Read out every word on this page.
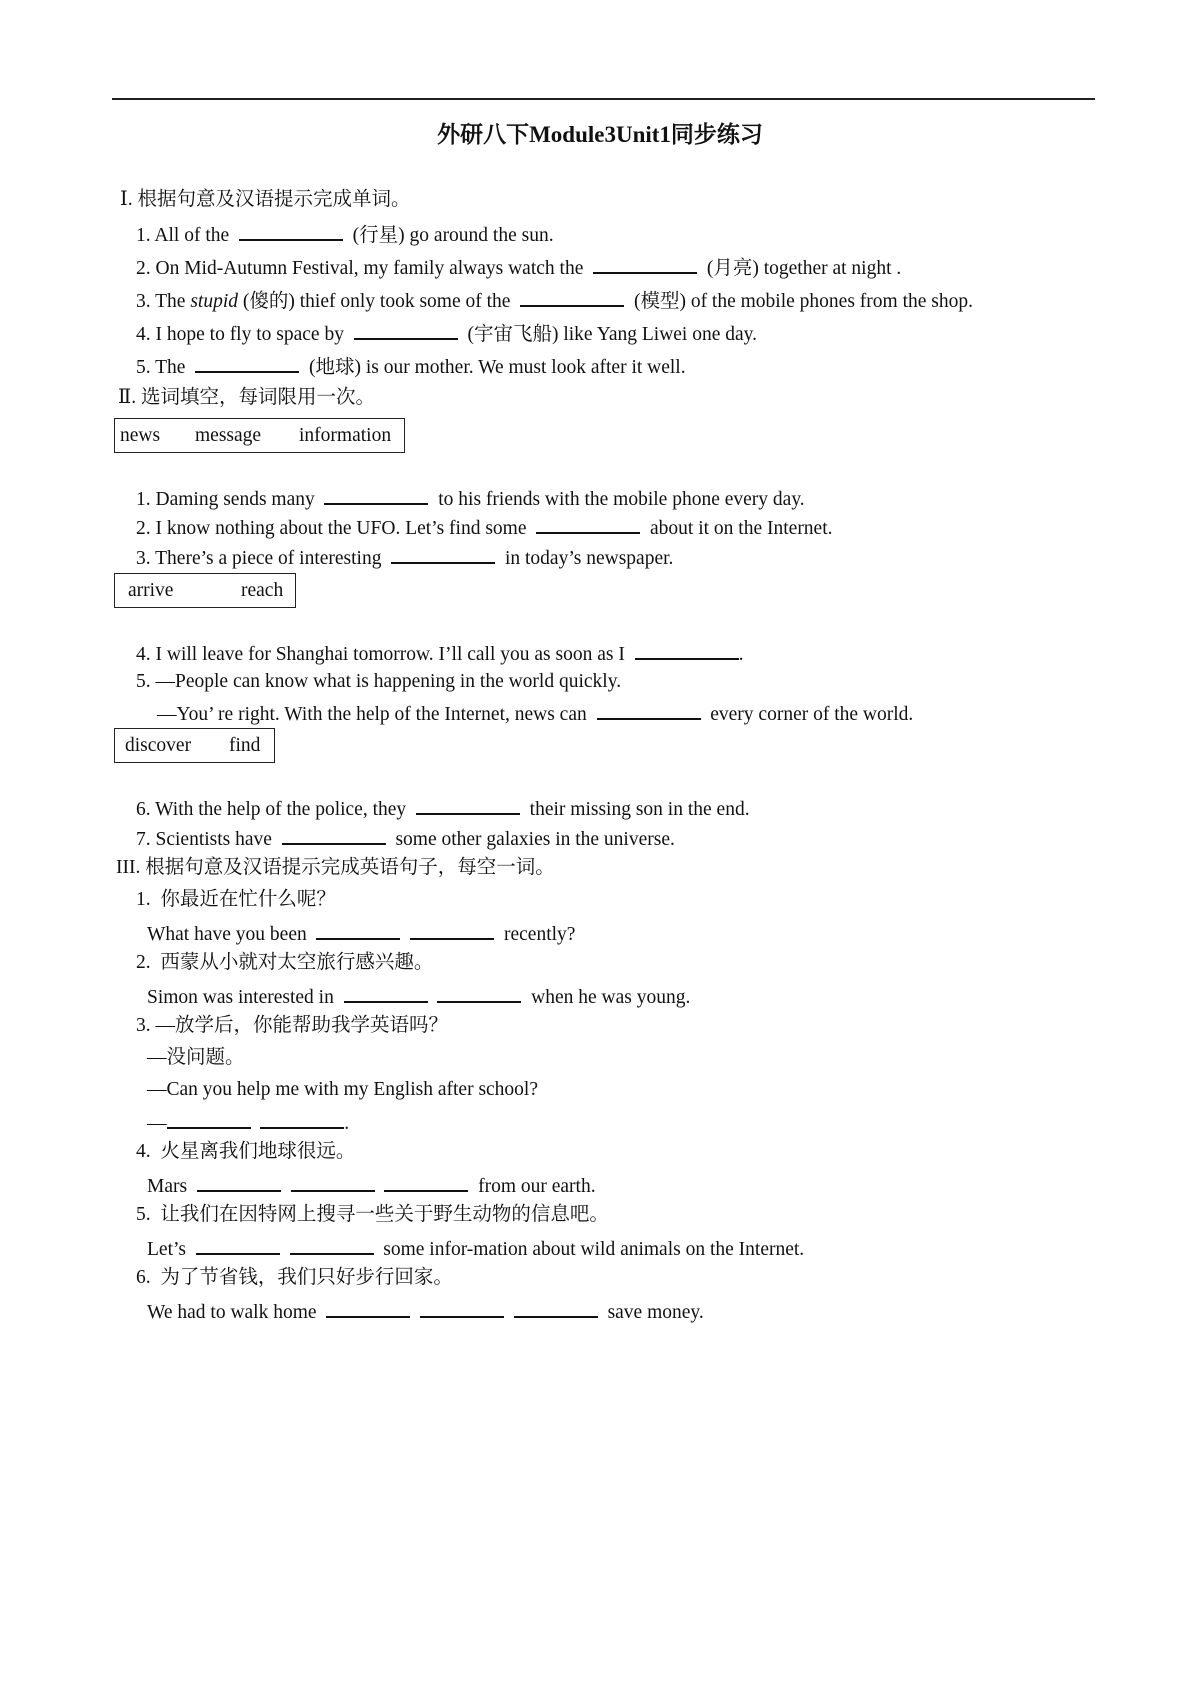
外研八下Module3Unit1同步练习
Ⅰ. 根据句意及汉语提示完成单词。
1. All of the	(行星) go around the sun.
2. On Mid-Autumn Festival, my family always watch the	(月亮) together at night .
3. The stupid (傻的) thief only took some of the	(模型) of the mobile phones from the shop.
4. I hope to fly to space by	(宇宙飞船) like Yang Liwei one day.
5. The	(地球) is our mother. We must look after it well.
Ⅱ. 选词填空，每词限用一次。
news message information
1. Daming sends many	to his friends with the mobile phone every day.
2. I know nothing about the UFO. Let’s find some	about it on the Internet.
3. There’s a piece of interesting	in today’s newspaper.
arrive	reach
4. I will leave for Shanghai tomorrow. I’ll call you as soon as I	.
5. —People can know what is happening in the world quickly.
—You’ re right. With the help of the Internet, news can	every corner of the world.
discover find
6. With the help of the police, they	their missing son in the end.
7. Scientists have	some other galaxies in the universe.
III. 根据句意及汉语提示完成英语句子，每空一词。
1.  你最近在忙什么呢？
What have you been	recently?
2.  西蒙从小就对太空旅行感兴趣。
Simon was interested in	when he was young.
3. —放学后，你能帮助我学英语吗？
—没问题。
—Can you help me with my English after school?
—	.
4.  火星离我们地球很远。
Mars	from our earth.
5.  让我们在因特网上搜寻一些关于野生动物的信息吧。
Let’s	some infor-mation about wild animals on the Internet.
6.  为了节省钱，我们只好步行回家。
We had to walk home	save money.
